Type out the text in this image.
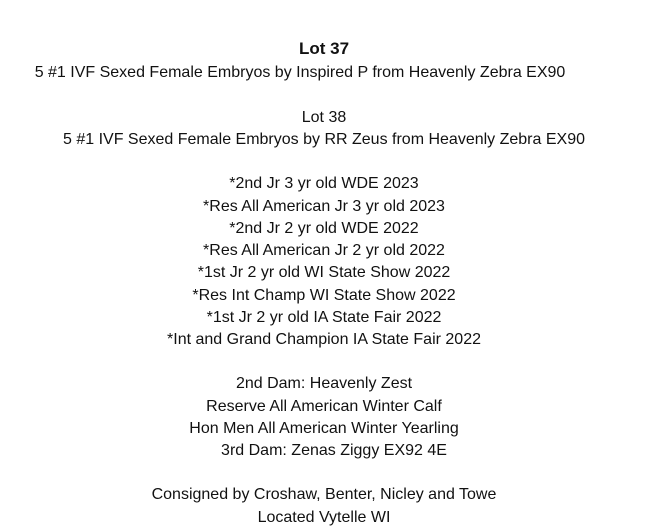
Lot 37
5 #1 IVF Sexed Female Embryos by Inspired P from Heavenly Zebra EX90
Lot 38
5 #1 IVF Sexed Female Embryos by RR Zeus from Heavenly Zebra EX90
*2nd Jr 3 yr old WDE 2023
*Res All American Jr 3 yr old 2023
*2nd Jr 2 yr old WDE 2022
*Res All American Jr 2 yr old 2022
*1st Jr 2 yr old WI State Show 2022
*Res Int Champ WI State Show 2022
*1st Jr 2 yr old IA State Fair 2022
*Int and Grand Champion IA State Fair 2022
2nd Dam: Heavenly Zest
Reserve All American Winter Calf
Hon Men All American Winter Yearling
3rd Dam: Zenas Ziggy EX92 4E
Consigned by Croshaw, Benter, Nicley and Towe
Located Vytelle WI
